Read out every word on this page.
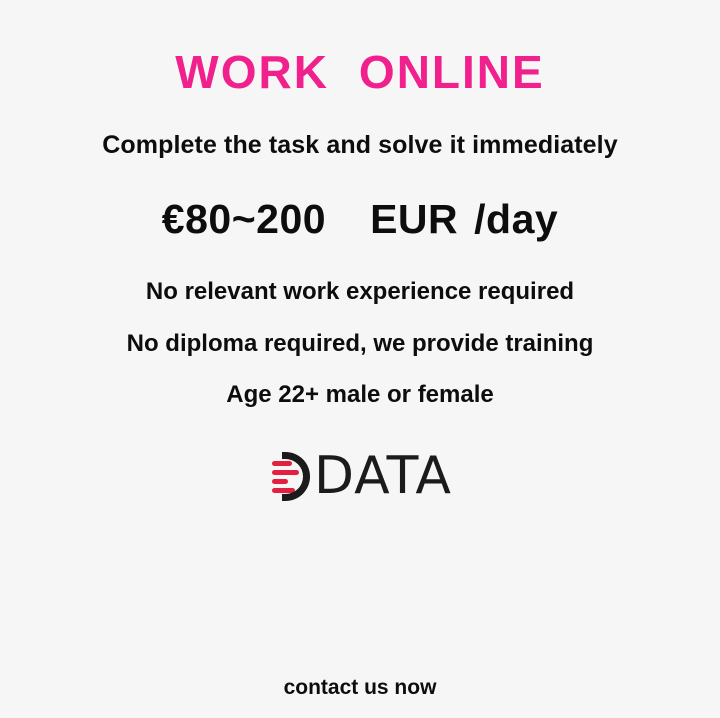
WORK ONLINE
Complete the task and solve it immediately
€80~200 EUR /day
No relevant work experience required
No diploma required, we provide training
Age 22+ male or female
DATA
contact us now
